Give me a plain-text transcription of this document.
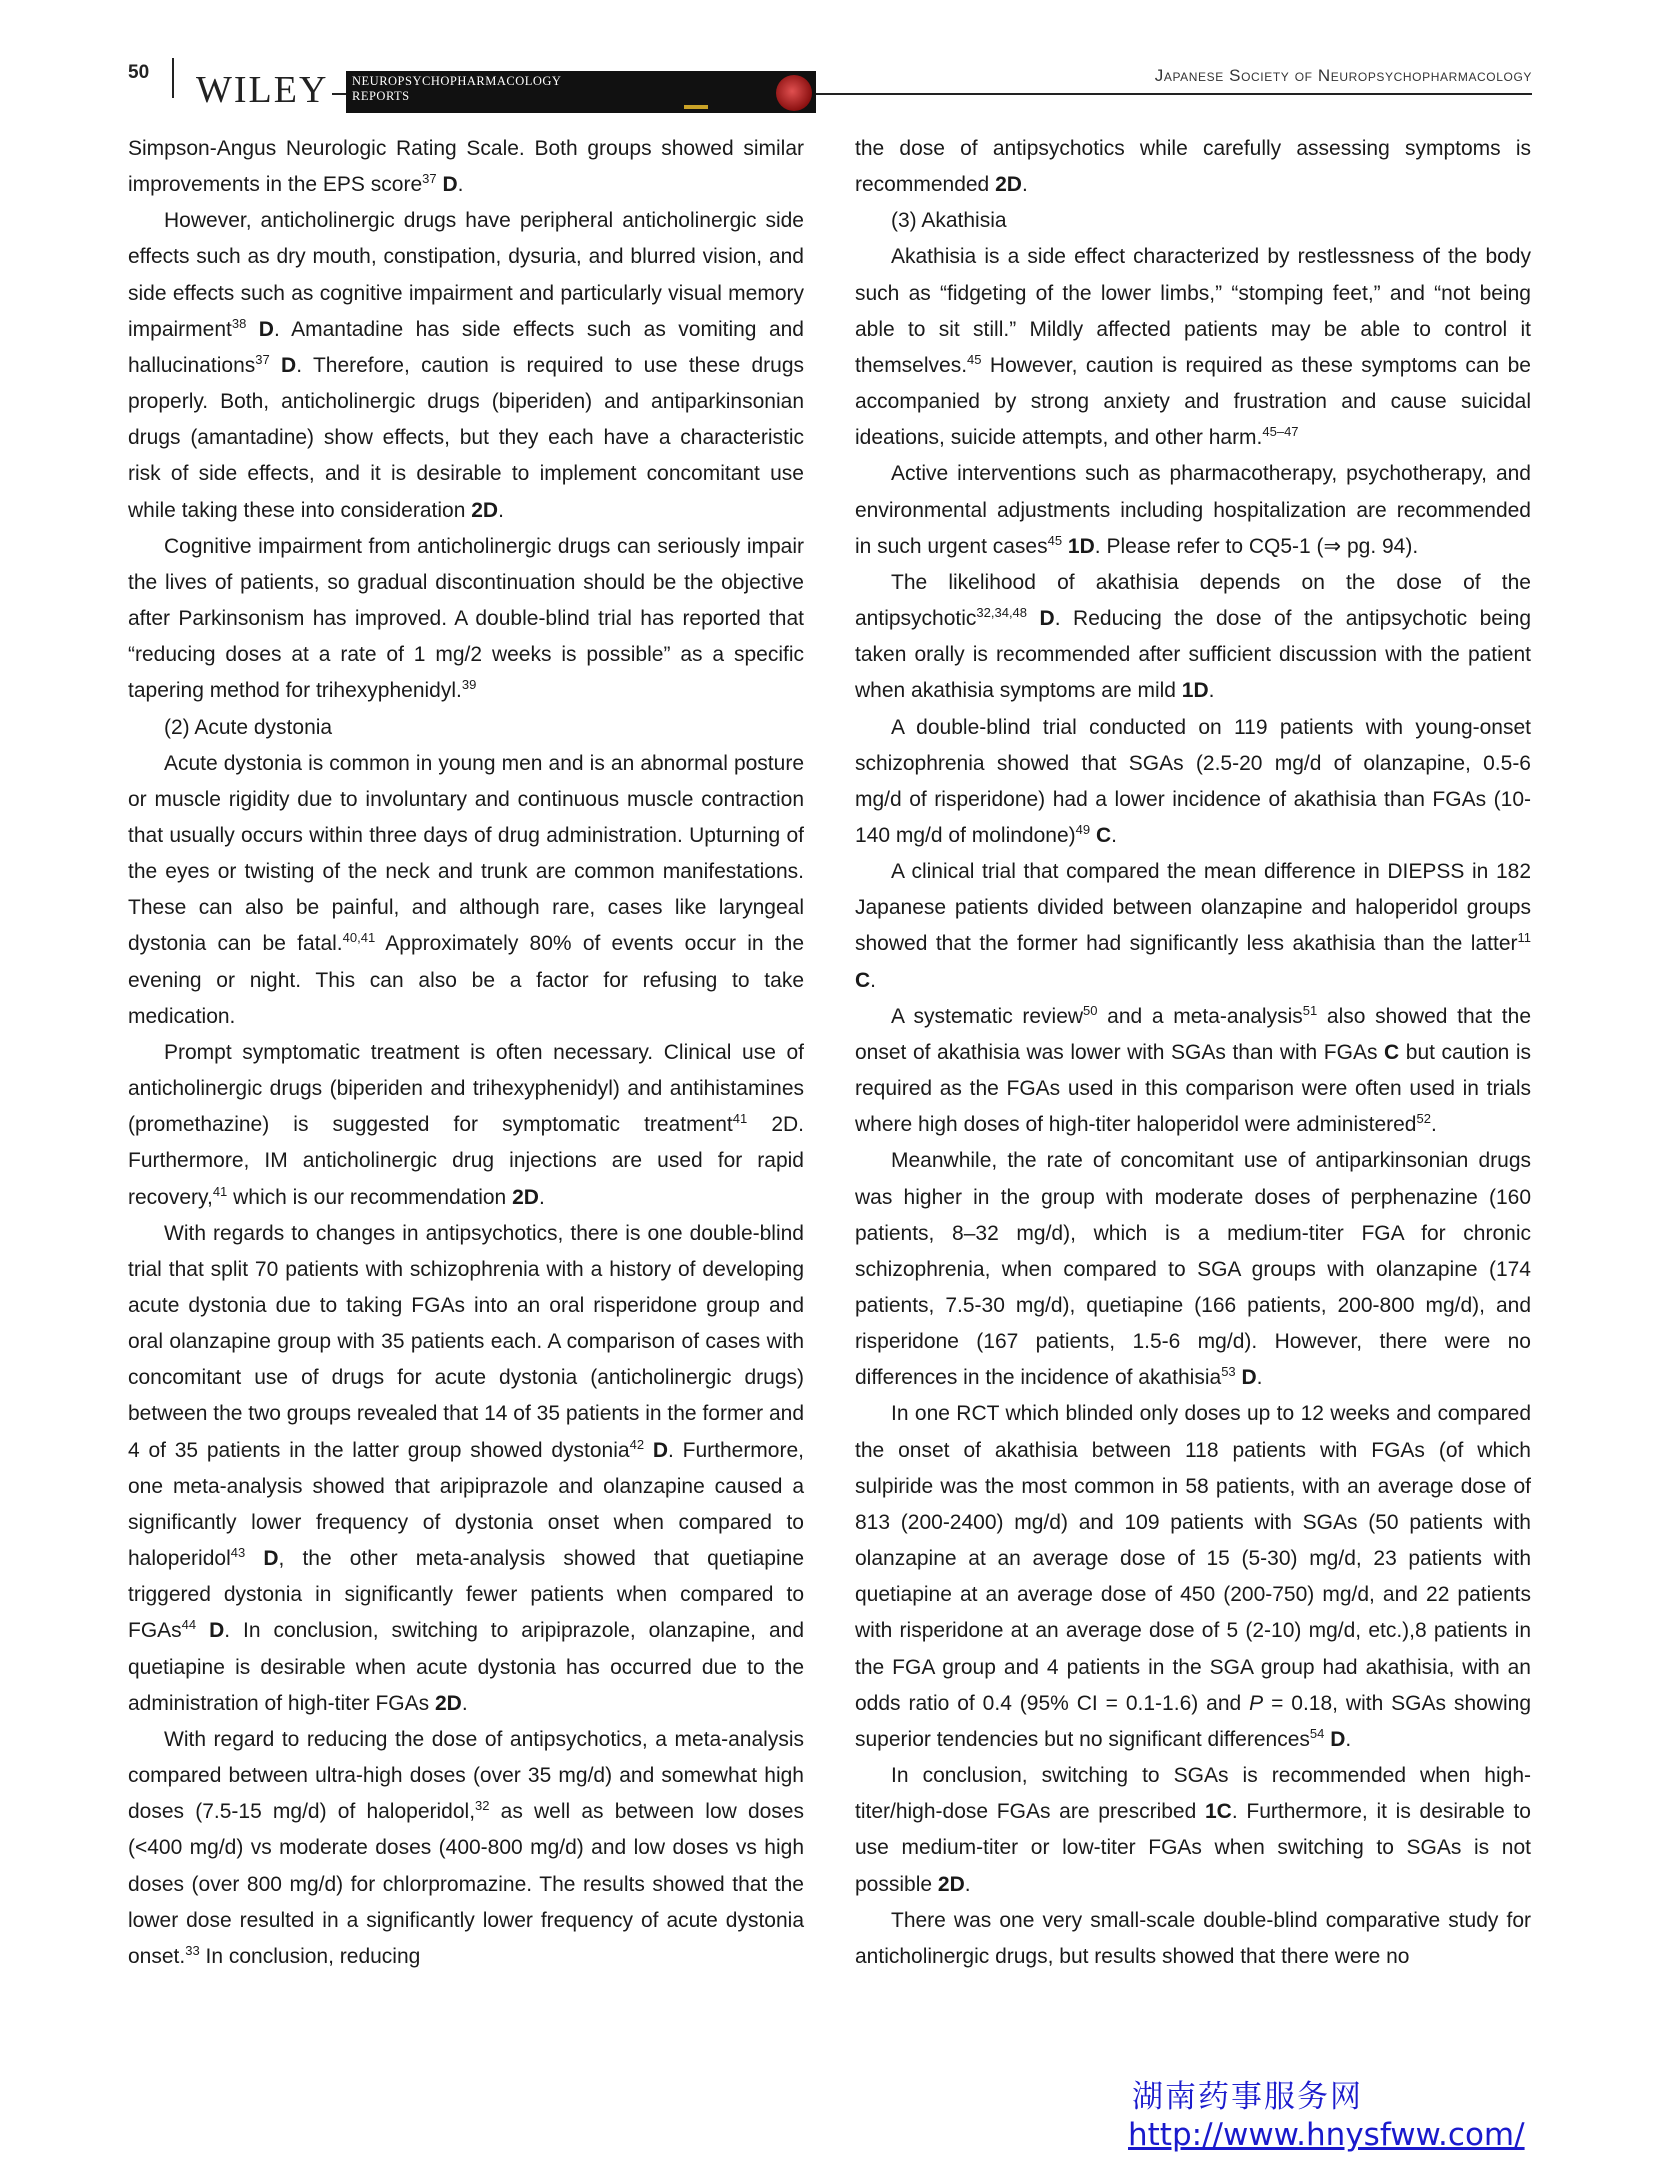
50 WILEY	NEUROPSYCHOPHARMACOLOGY
REPORTS
Japanese Society of Neuropsychopharmacology

Simpson-Angus Neurologic Rating Scale. Both groups showed similar improvements in the EPS score$^{37}$ D.

However, anticholinergic drugs have peripheral anticholinergic side effects such as dry mouth, constipation, dysuria, and blurred vision, and side effects such as cognitive impairment and particularly visual memory impairment$^{38}$ D. Amantadine has side effects such as vomiting and hallucinations$^{37}$ D. Therefore, caution is required to use these drugs properly. Both, anticholinergic drugs (biperiden) and antiparkinsonian drugs (amantadine) show effects, but they each have a characteristic risk of side effects, and it is desirable to implement concomitant use while taking these into consideration 2D.

Cognitive impairment from anticholinergic drugs can seriously impair the lives of patients, so gradual discontinuation should be the objective after Parkinsonism has improved. A double-blind trial has reported that “reducing doses at a rate of 1 mg/2 weeks is possible” as a specific tapering method for trihexyphenidyl.$^{39}$

(2) Acute dystonia

Acute dystonia is common in young men and is an abnormal posture or muscle rigidity due to involuntary and continuous muscle contraction that usually occurs within three days of drug administration. Upturning of the eyes or twisting of the neck and trunk are common manifestations. These can also be painful, and although rare, cases like laryngeal dystonia can be fatal.$^{40,41}$ Approximately 80% of events occur in the evening or night. This can also be a factor for refusing to take medication.

Prompt symptomatic treatment is often necessary. Clinical use of anticholinergic drugs (biperiden and trihexyphenidyl) and antihistamines (promethazine) is suggested for symptomatic treatment$^{41}$ 2D. Furthermore, IM anticholinergic drug injections are used for rapid recovery,$^{41}$ which is our recommendation 2D.

With regards to changes in antipsychotics, there is one double-blind trial that split 70 patients with schizophrenia with a history of developing acute dystonia due to taking FGAs into an oral risperidone group and oral olanzapine group with 35 patients each. A comparison of cases with concomitant use of drugs for acute dystonia (anticholinergic drugs) between the two groups revealed that 14 of 35 patients in the former and 4 of 35 patients in the latter group showed dystonia$^{42}$ D. Furthermore, one meta-analysis showed that aripiprazole and olanzapine caused a significantly lower frequency of dystonia onset when compared to haloperidol$^{43}$ D, the other meta-analysis showed that quetiapine triggered dystonia in significantly fewer patients when compared to FGAs$^{44}$ D. In conclusion, switching to aripiprazole, olanzapine, and quetiapine is desirable when acute dystonia has occurred due to the administration of high-titer FGAs 2D.

With regard to reducing the dose of antipsychotics, a meta-analysis compared between ultra-high doses (over 35 mg/d) and somewhat high doses (7.5-15 mg/d) of haloperidol,$^{32}$ as well as between low doses (<400 mg/d) vs moderate doses (400-800 mg/d) and low doses vs high doses (over 800 mg/d) for chlorpromazine. The results showed that the lower dose resulted in a significantly lower frequency of acute dystonia onset.$^{33}$ In conclusion, reducing

the dose of antipsychotics while carefully assessing symptoms is recommended 2D.

(3) Akathisia

Akathisia is a side effect characterized by restlessness of the body such as “fidgeting of the lower limbs,” “stomping feet,” and “not being able to sit still.” Mildly affected patients may be able to control it themselves.$^{45}$ However, caution is required as these symptoms can be accompanied by strong anxiety and frustration and cause suicidal ideations, suicide attempts, and other harm.$^{45-47}$

Active interventions such as pharmacotherapy, psychotherapy, and environmental adjustments including hospitalization are recommended in such urgent cases$^{45}$ 1D. Please refer to CQ5-1 (⇒ pg. 94).

The likelihood of akathisia depends on the dose of the antipsychotic$^{32,34,48}$ D. Reducing the dose of the antipsychotic being taken orally is recommended after sufficient discussion with the patient when akathisia symptoms are mild 1D.

A double-blind trial conducted on 119 patients with young-onset schizophrenia showed that SGAs (2.5-20 mg/d of olanzapine, 0.5-6 mg/d of risperidone) had a lower incidence of akathisia than FGAs (10-140 mg/d of molindone)$^{49}$ C.

A clinical trial that compared the mean difference in DIEPSS in 182 Japanese patients divided between olanzapine and haloperidol groups showed that the former had significantly less akathisia than the latter$^{11}$ C.

A systematic review$^{50}$ and a meta-analysis$^{51}$ also showed that the onset of akathisia was lower with SGAs than with FGAs C but caution is required as the FGAs used in this comparison were often used in trials where high doses of high-titer haloperidol were administered$^{52}$.

Meanwhile, the rate of concomitant use of antiparkinsonian drugs was higher in the group with moderate doses of perphenazine (160 patients, 8–32 mg/d), which is a medium-titer FGA for chronic schizophrenia, when compared to SGA groups with olanzapine (174 patients, 7.5-30 mg/d), quetiapine (166 patients, 200-800 mg/d), and risperidone (167 patients, 1.5-6 mg/d). However, there were no differences in the incidence of akathisia$^{53}$ D.

In one RCT which blinded only doses up to 12 weeks and compared the onset of akathisia between 118 patients with FGAs (of which sulpiride was the most common in 58 patients, with an average dose of 813 (200-2400) mg/d) and 109 patients with SGAs (50 patients with olanzapine at an average dose of 15 (5-30) mg/d, 23 patients with quetiapine at an average dose of 450 (200-750) mg/d, and 22 patients with risperidone at an average dose of 5 (2-10) mg/d, etc.),8 patients in the FGA group and 4 patients in the SGA group had akathisia, with an odds ratio of 0.4 (95% CI = 0.1-1.6) and P = 0.18, with SGAs showing superior tendencies but no significant differences$^{54}$ D.

In conclusion, switching to SGAs is recommended when high-titer/high-dose FGAs are prescribed 1C. Furthermore, it is desirable to use medium-titer or low-titer FGAs when switching to SGAs is not possible 2D.

There was one very small-scale double-blind comparative study for anticholinergic drugs, but results showed that there were no

湖南药事服务网
http://www.hnysfww.com/
